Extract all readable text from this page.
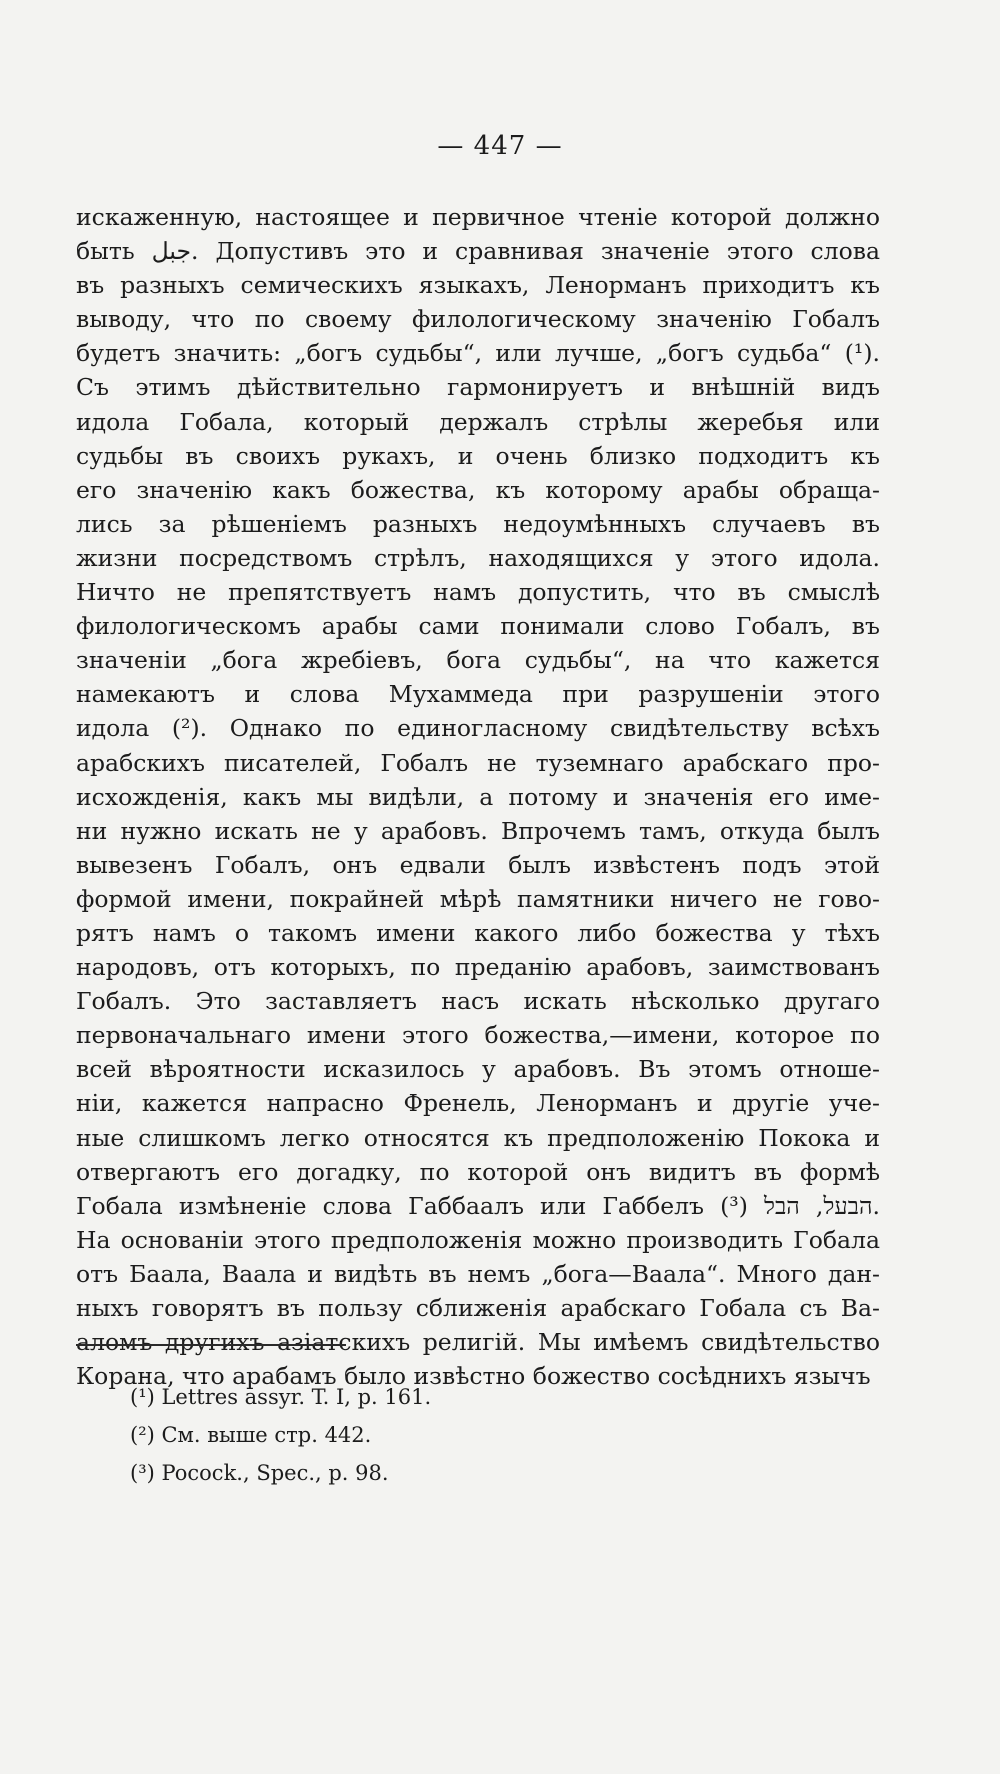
— 447 —
искаженную, настоящее и первичное чтеніе которой должно
быть جبل. Допустивъ это и сравнивая значеніе этого слова
въ разныхъ семическихъ языкахъ, Ленорманъ приходитъ къ
выводу, что по своему филологическому значенію Гобалъ
будетъ значить: „богъ судьбы“, или лучше, „богъ судьба“ (¹).
Съ этимъ дѣйствительно гармонируетъ и внѣшній видъ
идола Гобала, который держалъ стрѣлы жеребья или
судьбы въ своихъ рукахъ, и очень близко подходитъ къ
его значенію какъ божества, къ которому арабы обраща-
лись за рѣшеніемъ разныхъ недоумѣнныхъ случаевъ въ
жизни посредствомъ стрѣлъ, находящихся у этого идола.
Ничто не препятствуетъ намъ допустить, что въ смыслѣ
филологическомъ арабы сами понимали слово Гобалъ, въ
значеніи „бога жребіевъ, бога судьбы“, на что кажется
намекаютъ и слова Мухаммеда при разрушеніи этого
идола (²). Однако по единогласному свидѣтельству всѣхъ
арабскихъ писателей, Гобалъ не туземнаго арабскаго про-
исхожденія, какъ мы видѣли, а потому и значенія его име-
ни нужно искать не у арабовъ. Впрочемъ тамъ, откуда былъ
вывезенъ Гобалъ, онъ едвали былъ извѣстенъ подъ этой
формой имени, покрайней мѣрѣ памятники ничего не гово-
рятъ намъ о такомъ имени какого либо божества у тѣхъ
народовъ, отъ которыхъ, по преданію арабовъ, заимствованъ
Гобалъ. Это заставляетъ насъ искать нѣсколько другаго
первоначальнаго имени этого божества,—имени, которое по
всей вѣроятности исказилось у арабовъ. Въ этомъ отноше-
ніи, кажется напрасно Френель, Ленорманъ и другіе уче-
ные слишкомъ легко относятся къ предположенію Покока и
отвергаютъ его догадку, по которой онъ видитъ въ формѣ
Гобала измѣненіе слова Габбаалъ или Габбелъ הבעל, הבל (³).
На основаніи этого предположенія можно производить Гобала
отъ Баала, Ваала и видѣть въ немъ „бога—Ваала“. Много дан-
ныхъ говорятъ въ пользу сближенія арабскаго Гобала съ Ва-
аломъ другихъ азіатскихъ религій. Мы имѣемъ свидѣтельство
Корана, что арабамъ было извѣстно божество сосѣднихъ язычъ
(¹) Lettres assyr. T. I, p. 161.
(²) См. выше стр. 442.
(³) Pocock., Spec., p. 98.
